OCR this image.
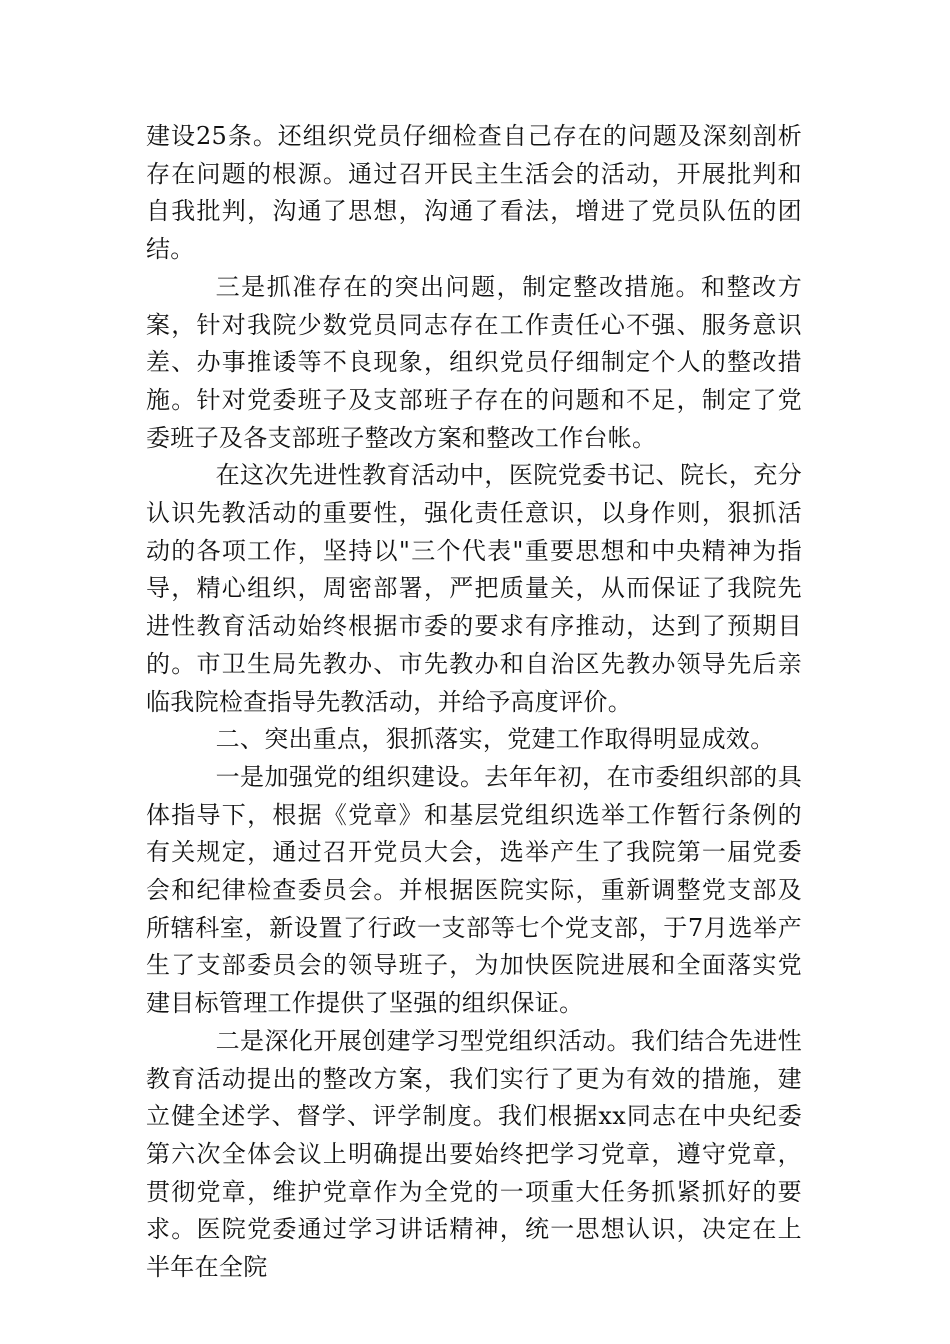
建设25条。还组织党员仔细检查自己存在的问题及深刻剖析存在问题的根源。通过召开民主生活会的活动，开展批判和自我批判，沟通了思想，沟通了看法，增进了党员队伍的团结。

三是抓准存在的突出问题，制定整改措施。和整改方案，针对我院少数党员同志存在工作责任心不强、服务意识差、办事推诿等不良现象，组织党员仔细制定个人的整改措施。针对党委班子及支部班子存在的问题和不足，制定了党委班子及各支部班子整改方案和整改工作台帐。

在这次先进性教育活动中，医院党委书记、院长，充分认识先教活动的重要性，强化责任意识，以身作则，狠抓活动的各项工作，坚持以"三个代表"重要思想和中央精神为指导，精心组织，周密部署，严把质量关，从而保证了我院先进性教育活动始终根据市委的要求有序推动，达到了预期目的。市卫生局先教办、市先教办和自治区先教办领导先后亲临我院检查指导先教活动，并给予高度评价。

二、突出重点，狠抓落实，党建工作取得明显成效。

一是加强党的组织建设。去年年初，在市委组织部的具体指导下，根据《党章》和基层党组织选举工作暂行条例的有关规定，通过召开党员大会，选举产生了我院第一届党委会和纪律检查委员会。并根据医院实际，重新调整党支部及所辖科室，新设置了行政一支部等七个党支部，于7月选举产生了支部委员会的领导班子，为加快医院进展和全面落实党建目标管理工作提供了坚强的组织保证。

二是深化开展创建学习型党组织活动。我们结合先进性教育活动提出的整改方案，我们实行了更为有效的措施，建立健全述学、督学、评学制度。我们根据xx同志在中央纪委第六次全体会议上明确提出要始终把学习党章，遵守党章，贯彻党章，维护党章作为全党的一项重大任务抓紧抓好的要求。医院党委通过学习讲话精神，统一思想认识，决定在上半年在全院
